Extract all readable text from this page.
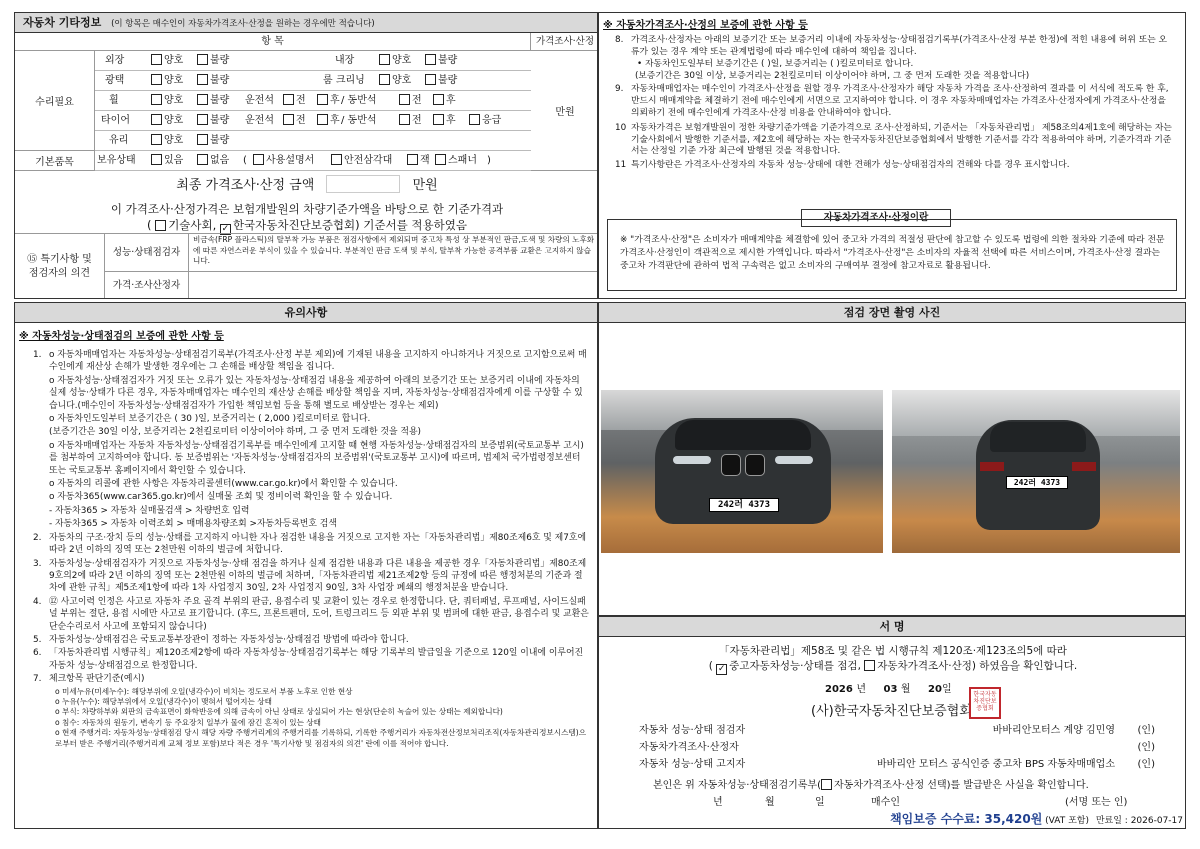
자동차 기타정보 (이 항목은 매수인이 자동차가격조사·산정을 원하는 경우에만 적습니다)
항 목	가격조사·산정
수리필요
기본품목
만원
외장	양호	불량	내장	양호	불량
광택	양호	불량	룸 크리닝	양호	불량
휠	양호	불량 운전석	전	후 / 동반석	전	후
타이어	양호	불량 운전석	전	후 / 동반석	전	후	응급
유리	양호	불량
보유상태	있음	없음 (	사용설명서	안전삼각대	잭	스패너 )
최종 가격조사·산정 금액	만원
이 가격조사·산정가격은 보험개발원의 차량기준가액을 바탕으로 한 기준가격과
( 기술사회, ✓한국자동차진단보증협회) 기준서를 적용하였음
⑮ 특기사항 및
점검자의 의견
성능·상태점검자
비금속(FRP 플라스틱)의 탈부착 가능 부품은 점검사항에서 제외되며 중고차 특성 상 부분적인 판금,도색 및 차량의 노후화에 따른 자연스러운 부식이 있을 수 있습니다. 부분적인 판금 도색 및 부식, 탈부착 가능한 공격부품 교환은 고지하지 않습니다.
가격·조사산정자
※ 자동차가격조사·산정의 보증에 관한 사항 등
8. 가격조사·산정자는 아래의 보증기간 또는 보증거리 이내에 자동차성능·상태점검기록부(가격조사·산정 부분 한정)에 적힌 내용에 허위 또는 오류가 있는 경우 계약 또는 관계법령에 따라 매수인에 대하여 책임을 집니다.
• 자동차인도일부터 보증기간은 ( )일, 보증거리는 ( )킬로미터로 합니다.
(보증기간은 30일 이상, 보증거리는 2천킬로미터 이상이어야 하며, 그 중 먼저 도래한 것을 적용합니다)
9. 자동차매매업자는 매수인이 가격조사·산정을 원할 경우 가격조사·산정자가 해당 자동차 가격을 조사·산정하여 결과를 이 서식에 적도록 한 후, 반드시 매매계약을 체결하기 전에 매수인에게 서면으로 고지하여야 합니다. 이 경우 자동차매매업자는 가격조사·산정자에게 가격조사·산정을 의뢰하기 전에 매수인에게 가격조사·산정 비용을 안내하여야 합니다.
10 자동차가격은 보험개발원이 정한 차량기준가액을 기준가격으로 조사·산정하되, 기준서는 「자동차관리법」 제58조의4제1호에 해당하는 자는 기술사회에서 발행한 기준서를, 제2호에 해당하는 자는 한국자동차진단보증협회에서 발행한 기준서를 각각 적용하여야 하며, 기준가격과 기준서는 산정일 기준 가장 최근에 발행된 것을 적용합니다.
11 특기사항란은 가격조사·산정자의 자동차 성능·상태에 대한 견해가 성능·상태점검자의 견해와 다를 경우 표시합니다.
자동차가격조사·산정이란
※ "가격조사·산정"은 소비자가 매매계약을 체결함에 있어 중고차 가격의 적절성 판단에 참고할 수 있도록 법령에 의한 절차와 기준에 따라 전문 가격조사·산정인이 객관적으로 제시한 가액입니다. 따라서 "가격조사·산정"은 소비자의 자율적 선택에 따른 서비스이며, 가격조사·산정 결과는 중고차 가격판단에 관하여 법적 구속력은 없고 소비자의 구매여부 결정에 참고자료로 활용됩니다.
유의사항
※ 자동차성능·상태점검의 보증에 관한 사항 등
1. ο 자동차매매업자는 자동차성능·상태점검기록부(가격조사·산정 부분 제외)에 기재된 내용을 고지하지 아니하거나 거짓으로 고지함으로써 매수인에게 재산상 손해가 발생한 경우에는 그 손해를 배상할 책임을 집니다.
ο 자동차성능·상태점검자가 거짓 또는 오류가 있는 자동차성능·상태점검 내용을 제공하여 아래의 보증기간 또는 보증거리 이내에 자동차의 실제 성능·상태가 다른 경우, 자동차매매업자는 매수인의 재산상 손해를 배상할 책임을 지며, 자동차성능·상태점검자에게 이를 구상할 수 있습니다.(매수인이 자동차성능·상태점검자가 가입한 책임보험 등을 통해 별도로 배상받는 경우는 제외)
ο 자동차인도일부터 보증기간은 ( 30 )일, 보증거리는 ( 2,000 )킬로미터로 합니다.
(보증기간은 30일 이상, 보증거리는 2천킬로미터 이상이어야 하며, 그 중 먼저 도래한 것을 적용)
ο 자동차매매업자는 자동차 자동차성능·상태점검기록부를 매수인에게 고지할 때 현행 자동차성능·상태점검자의 보증범위(국토교통부 고시)를 첨부하여 고지하여야 합니다. 동 보증범위는 '자동차성능·상태점검자의 보증범위'(국토교통부 고시)에 따르며, 법제처 국가법령정보센터 또는 국토교통부 홈페이지에서 확인할 수 있습니다.
ο 자동차의 리콜에 관한 사항은 자동차리콜센터(www.car.go.kr)에서 확인할 수 있습니다.
ο 자동차365(www.car365.go.kr)에서 실매물 조회 및 정비이력 확인을 할 수 있습니다.
- 자동차365 > 자동차 실매물검색 > 차량번호 입력
- 자동차365 > 자동차 이력조회 > 매매용차량조회 >자동차등록번호 검색
2. 자동차의 구조·장치 등의 성능·상태를 고지하지 아니한 자나 점검한 내용을 거짓으로 고지한 자는「자동차관리법」제80조제6호 및 제7호에 따라 2년 이하의 징역 또는 2천만원 이하의 벌금에 처합니다.
3. 자동차성능·상태점검자가 거짓으로 자동차성능·상태 점검을 하거나 실제 점검한 내용과 다른 내용을 제공한 경우「자동차관리법」제80조제9호의2에 따라 2년 이하의 징역 또는 2천만원 이하의 벌금에 처하며,「자동차관리법 제21조제2항 등의 규정에 따른 행정처분의 기준과 절차에 관한 규칙」제5조제1항에 따라 1차 사업정지 30일, 2차 사업정지 90일, 3차 사업장 폐쇄의 행정처분을 받습니다.
4. ⑫ 사고이력 인정은 사고로 자동차 주요 골격 부위의 판금, 용접수리 및 교환이 있는 경우로 한정합니다. 단, 쿼터패널, 루프패널, 사이드실패널 부위는 절단, 용접 시에만 사고로 표기합니다. (후드, 프론트펜더, 도어, 트렁크리드 등 외판 부위 및 범퍼에 대한 판금, 용접수리 및 교환은 단순수리로서 사고에 포함되지 않습니다)
5. 자동차성능·상태점검은 국토교통부장관이 정하는 자동차성능·상태점검 방법에 따라야 합니다.
6. 「자동차관리법 시행규칙」제120조제2항에 따라 자동차성능·상태점검기록부는 해당 기록부의 발급일을 기준으로 120일 이내에 이루어진 자동차 성능·상태점검으로 한정합니다.
7. 체크항목 판단기준(예시)
ο 미세누유(미세누수): 해당부위에 오일(냉각수)이 비치는 정도로서 부품 노후로 인한 현상
ο 누유(누수): 해당부위에서 오일(냉각수)이 맺혀서 떨어지는 상태
ο 부식: 차량하부와 외판의 금속표면이 화학반응에 의해 금속이 아닌 상태로 상실되어 가는 현상(단순히 녹슬어 있는 상태는 제외합니다)
ο 침수: 자동차의 원동기, 변속기 등 주요장치 일부가 물에 잠긴 흔적이 있는 상태
ο 현재 주행거리: 자동차성능·상태점검 당시 해당 자량 주행거리계의 주행거리를 기록하되, 기록한 주행거리가 자동차전산정보처리조직(자동차관리정보시스템)으로부터 받은 주행거리(주행거리계 교체 정보 포함)보다 적은 경우 '특기사항 및 점검자의 의견' 란에 이를 적어야 합니다.
점검 장면 촬영 사진
242러 4373
242러 4373
서 명
「자동차관리법」제58조 및 같은 법 시행규칙 제120조·제123조의5에 따라
( ✓ 중고자동차성능·상태를 점검, 자동차가격조사·산정) 하였음을 확인합니다.
2026 년 03 월 20일
(사)한국자동차진단보증협회
한국자동차진단보증협회
자동차 성능·상태 점검자	바바리안모터스 계양 김민영 (인)
자동차가격조사·산정자	(인)
자동차 성능·상태 고지자	바바리안 모터스 공식인증 중고차 BPS 자동차매매업소 (인)
본인은 위 자동차성능·상태점검기록부( 자동차가격조사·산정 선택)를 발급받은 사실을 확인합니다.
년	월	일	매수인	(서명 또는 인)
책임보증 수수료: 35,420원 (VAT 포함) 만료일 : 2026-07-17
